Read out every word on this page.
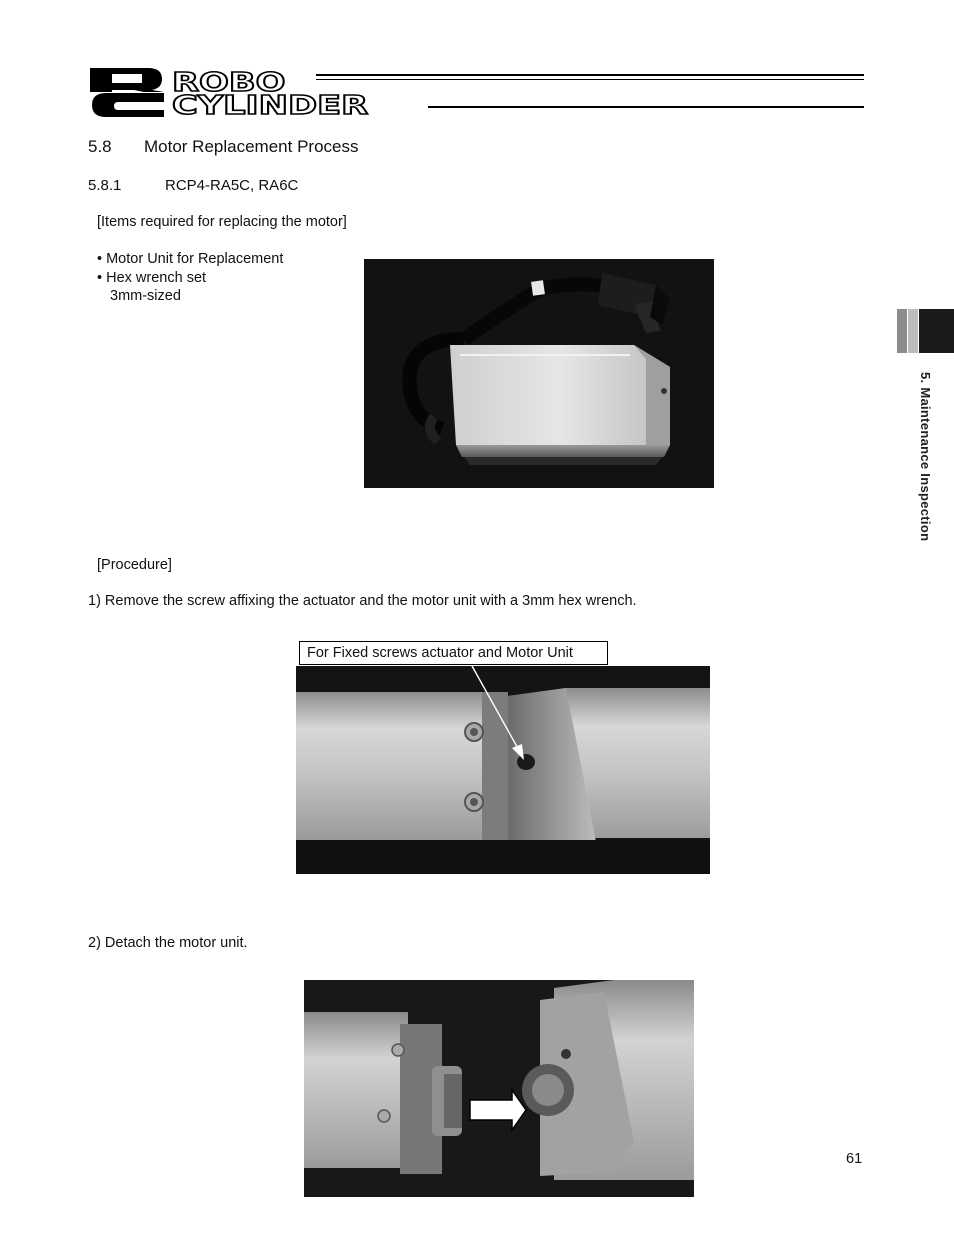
ROBO
CYLINDER
5.8 Motor Replacement Process
5.8.1	RCP4-RA5C, RA6C
[Items required for replacing the motor]
• Motor Unit for Replacement
• Hex wrench set
3mm-sized
[Procedure]
1) Remove the screw affixing the actuator and the motor unit with a 3mm hex wrench.
For Fixed screws actuator and Motor Unit
2) Detach the motor unit.
5. Maintenance Inspection
61
